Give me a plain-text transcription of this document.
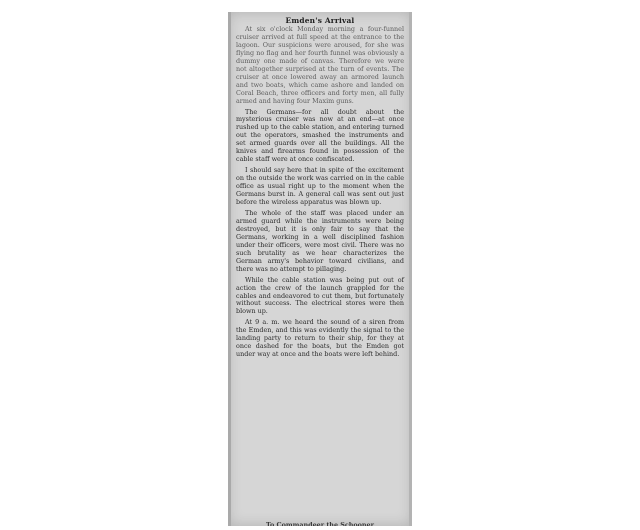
Emden's Arrival

At six o'clock Monday morning a four-funnel cruiser arrived at full speed at the entrance to the lagoon. Our suspicions were aroused, for she was flying no flag and her fourth funnel was obviously a dummy one made of canvas. Therefore we were not altogether surprised at the turn of events. The cruiser at once lowered away an armored launch and two boats, which came ashore and landed on Coral Beach, three officers and forty men, all fully armed and having four Maxim guns.

The Germans—for all doubt about the mysterious cruiser was now at an end—at once rushed up to the cable station, and entering turned out the operators, smashed the instruments and set armed guards over all the buildings. All the knives and firearms found in possession of the cable staff were at once confiscated.

I should say here that in spite of the excitement on the outside the work was carried on in the cable office as usual right up to the moment when the Germans burst in. A general call was sent out just before the wireless apparatus was blown up.

The whole of the staff was placed under an armed guard while the instruments were being destroyed, but it is only fair to say that the Germans, working in a well disciplined fashion under their officers, were most civil. There was no such brutality as we hear characterizes the German army's behavior toward civilians, and there was no attempt to pillaging.

While the cable station was being put out of action the crew of the launch grappled for the cables and endeavored to cut them, but fortunately without success. The electrical stores were then blown up.

At 9 a. m. we heard the sound of a siren from the Emden, and this was evidently the signal to the landing party to return to their ship, for they at once dashed for the boats, but the Emden got under way at once and the boats were left behind.

To Commandeer the Schooner
